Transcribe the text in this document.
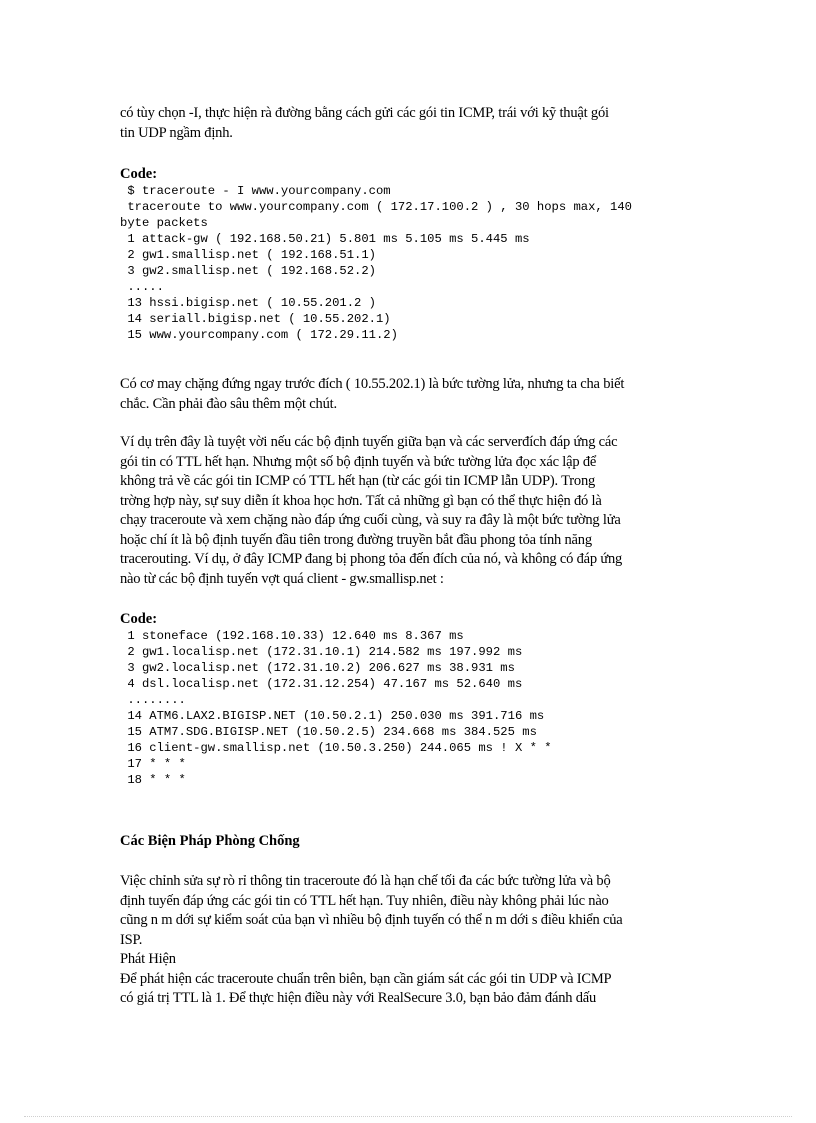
có tùy chọn -I, thực hiện rà đường bằng cách gửi các gói tin ICMP, trái với kỹ thuật gói
tin UDP ngầm định.
Code:
$ traceroute - I www.yourcompany.com
traceroute to www.yourcompany.com ( 172.17.100.2 ) , 30 hops max, 140
byte packets
1 attack-gw ( 192.168.50.21) 5.801 ms 5.105 ms 5.445 ms
2 gw1.smallisp.net ( 192.168.51.1)
3 gw2.smallisp.net ( 192.168.52.2)
.....
13 hssi.bigisp.net ( 10.55.201.2 )
14 seriall.bigisp.net ( 10.55.202.1)
15 www.yourcompany.com ( 172.29.11.2)
Có cơ may chặng đứng ngay trước đích ( 10.55.202.1) là bức tường lửa, nhưng ta cha biết
chắc. Cần phải đào sâu thêm một chút.
Ví dụ trên đây là tuyệt vời nếu các bộ định tuyến giữa bạn và các serverđích đáp ứng các
gói tin có TTL hết hạn. Nhưng một số bộ định tuyến và bức tường lửa đọc xác lập để
không trả về các gói tin ICMP có TTL hết hạn (từ các gói tin ICMP lẫn UDP). Trong
trờng hợp này, sự suy diễn ít khoa học hơn. Tất cả những gì bạn có thể thực hiện đó là
chạy traceroute và xem chặng nào đáp ứng cuối cùng, và suy ra đây là một bức tường lửa
hoặc chí ít là bộ định tuyến đầu tiên trong đường truyền bắt đầu phong tỏa tính năng
tracerouting. Ví dụ, ở đây ICMP đang bị phong tỏa đến đích của nó, và không có đáp ứng
nào từ các bộ định tuyến vợt quá client - gw.smallisp.net :
Code:
1 stoneface (192.168.10.33) 12.640 ms 8.367 ms
2 gw1.localisp.net (172.31.10.1) 214.582 ms 197.992 ms
3 gw2.localisp.net (172.31.10.2) 206.627 ms 38.931 ms
4 dsl.localisp.net (172.31.12.254) 47.167 ms 52.640 ms
........
14 ATM6.LAX2.BIGISP.NET (10.50.2.1) 250.030 ms 391.716 ms
15 ATM7.SDG.BIGISP.NET (10.50.2.5) 234.668 ms 384.525 ms
16 client-gw.smallisp.net (10.50.3.250) 244.065 ms ! X * *
17 * * *
18 * * *
Các Biện Pháp Phòng Chống
Việc chỉnh sửa sự rò rỉ thông tin traceroute đó là hạn chế tối đa các bức tường lửa và bộ
định tuyến đáp ứng các gói tin có TTL hết hạn. Tuy nhiên, điều này không phải lúc nào
cũng n m dới sự kiểm soát của bạn vì nhiều bộ định tuyến có thể n m dới s điều khiển của
ISP.
Phát Hiện
Để phát hiện các traceroute chuẩn trên biên, bạn cần giám sát các gói tin UDP và ICMP
có giá trị TTL là 1. Để thực hiện điều này với RealSecure 3.0, bạn bảo đảm đánh dấu
